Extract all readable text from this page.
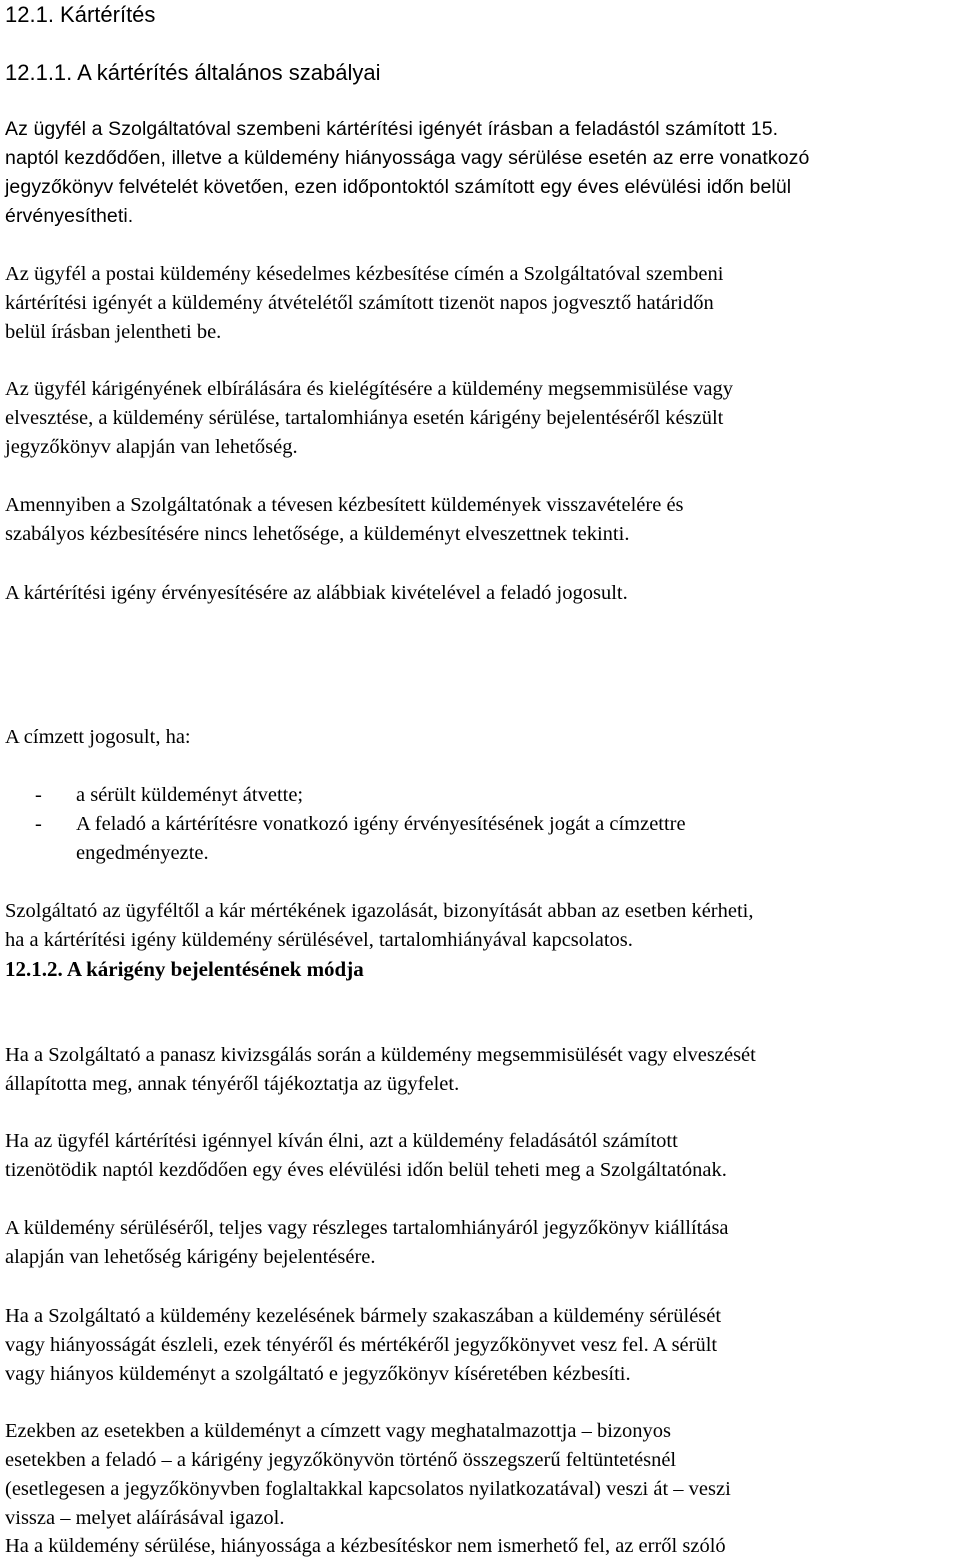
12.1. Kártérítés
12.1.1. A kártérítés általános szabályai
Az ügyfél a Szolgáltatóval szembeni kártérítési igényét írásban a feladástól számított 15.
naptól kezdődően, illetve a küldemény hiányossága vagy sérülése esetén az erre vonatkozó
jegyzőkönyv felvételét követően, ezen időpontoktól számított egy éves elévülési időn belül
érvényesítheti.
Az ügyfél a postai küldemény késedelmes kézbesítése címén a Szolgáltatóval szembeni
kártérítési igényét a küldemény átvételétől számított tizenöt napos jogvesztő határidőn
belül írásban jelentheti be.
Az ügyfél kárigényének elbírálására és kielégítésére a küldemény megsemmisülése vagy
elvesztése, a küldemény sérülése, tartalomhiánya esetén kárigény bejelentéséről készült
jegyzőkönyv alapján van lehetőség.
Amennyiben a Szolgáltatónak a tévesen kézbesített küldemények visszavételére és
szabályos kézbesítésére nincs lehetősége, a küldeményt elveszettnek tekinti.
A kártérítési igény érvényesítésére az alábbiak kivételével a feladó jogosult.
A címzett jogosult, ha:
- a sérült küldeményt átvette;
- A feladó a kártérítésre vonatkozó igény érvényesítésének jogát a címzettre
engedményezte.
Szolgáltató az ügyféltől a kár mértékének igazolását, bizonyítását abban az esetben kérheti,
ha a kártérítési igény küldemény sérülésével, tartalomhiányával kapcsolatos.
12.1.2. A kárigény bejelentésének módja
Ha a Szolgáltató a panasz kivizsgálás során a küldemény megsemmisülését vagy elveszését
állapította meg, annak tényéről tájékoztatja az ügyfelet.
Ha az ügyfél kártérítési igénnyel kíván élni, azt a küldemény feladásától számított
tizenötödik naptól kezdődően egy éves elévülési időn belül teheti meg a Szolgáltatónak.
A küldemény sérüléséről, teljes vagy részleges tartalomhiányáról jegyzőkönyv kiállítása
alapján van lehetőség kárigény bejelentésére.
Ha a Szolgáltató a küldemény kezelésének bármely szakaszában a küldemény sérülését
vagy hiányosságát észleli, ezek tényéről és mértékéről jegyzőkönyvet vesz fel. A sérült
vagy hiányos küldeményt a szolgáltató e jegyzőkönyv kíséretében kézbesíti.
Ezekben az esetekben a küldeményt a címzett vagy meghatalmazottja – bizonyos
esetekben a feladó – a kárigény jegyzőkönyvön történő összegszerű feltüntetésnél
(esetlegesen a jegyzőkönyvben foglaltakkal kapcsolatos nyilatkozatával) veszi át – veszi
vissza – melyet aláírásával igazol.
Ha a küldemény sérülése, hiányossága a kézbesítéskor nem ismerhető fel, az erről szóló
